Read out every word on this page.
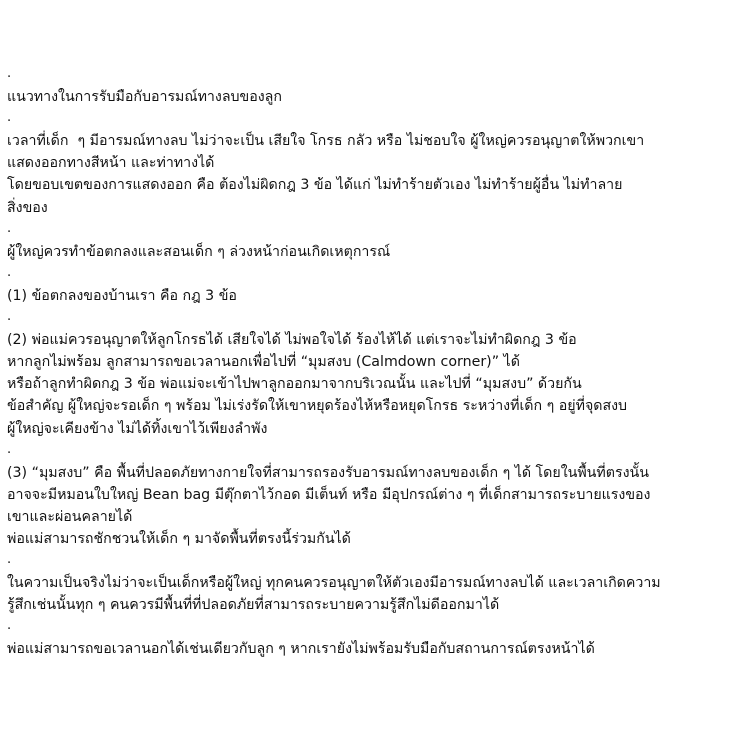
.
แนวทางในการรับมือกับอารมณ์ทางลบของลูก
.
เวลาที่เด็ก  ๆ มีอารมณ์ทางลบ ไม่ว่าจะเป็น เสียใจ โกรธ กลัว หรือ ไม่ชอบใจ ผู้ใหญ่ควรอนุญาตให้พวกเขา
แสดงออกทางสีหน้า และท่าทางได้
โดยขอบเขตของการแสดงออก คือ ต้องไม่ผิดกฎ 3 ข้อ ได้แก่ ไม่ทำร้ายตัวเอง ไม่ทำร้ายผู้อื่น ไม่ทำลาย
สิ่งของ
.
ผู้ใหญ่ควรทำข้อตกลงและสอนเด็ก ๆ ล่วงหน้าก่อนเกิดเหตุการณ์
.
(1) ข้อตกลงของบ้านเรา คือ กฎ 3 ข้อ
.
(2) พ่อแม่ควรอนุญาตให้ลูกโกรธได้ เสียใจได้ ไม่พอใจได้ ร้องไห้ได้ แต่เราจะไม่ทำผิดกฎ 3 ข้อ
หากลูกไม่พร้อม ลูกสามารถขอเวลานอกเพื่อไปที่ “มุมสงบ (Calmdown corner)” ได้
หรือถ้าลูกทำผิดกฎ 3 ข้อ พ่อแม่จะเข้าไปพาลูกออกมาจากบริเวณนั้น และไปที่ “มุมสงบ” ด้วยกัน
ข้อสำคัญ ผู้ใหญ่จะรอเด็ก ๆ พร้อม ไม่เร่งรัดให้เขาหยุดร้องไห้หรือหยุดโกรธ ระหว่างที่เด็ก ๆ อยู่ที่จุดสงบ
ผู้ใหญ่จะเคียงข้าง ไม่ได้ทิ้งเขาไว้เพียงลำพัง
.
(3) “มุมสงบ” คือ พื้นที่ปลอดภัยทางกายใจที่สามารถรองรับอารมณ์ทางลบของเด็ก ๆ ได้ โดยในพื้นที่ตรงนั้น
อาจจะมีหมอนใบใหญ่ Bean bag มีตุ๊กตาไว้กอด มีเต็นท์ หรือ มีอุปกรณ์ต่าง ๆ ที่เด็กสามารถระบายแรงของ
เขาและผ่อนคลายได้
พ่อแม่สามารถชักชวนให้เด็ก ๆ มาจัดพื้นที่ตรงนี้ร่วมกันได้
.
ในความเป็นจริงไม่ว่าจะเป็นเด็กหรือผู้ใหญ่ ทุกคนควรอนุญาตให้ตัวเองมีอารมณ์ทางลบได้ และเวลาเกิดความ
รู้สึกเช่นนั้นทุก ๆ คนควรมีพื้นที่ที่ปลอดภัยที่สามารถระบายความรู้สึกไม่ดีออกมาได้
.
พ่อแม่สามารถขอเวลานอกได้เช่นเดียวกับลูก ๆ หากเรายังไม่พร้อมรับมือกับสถานการณ์ตรงหน้าได้
